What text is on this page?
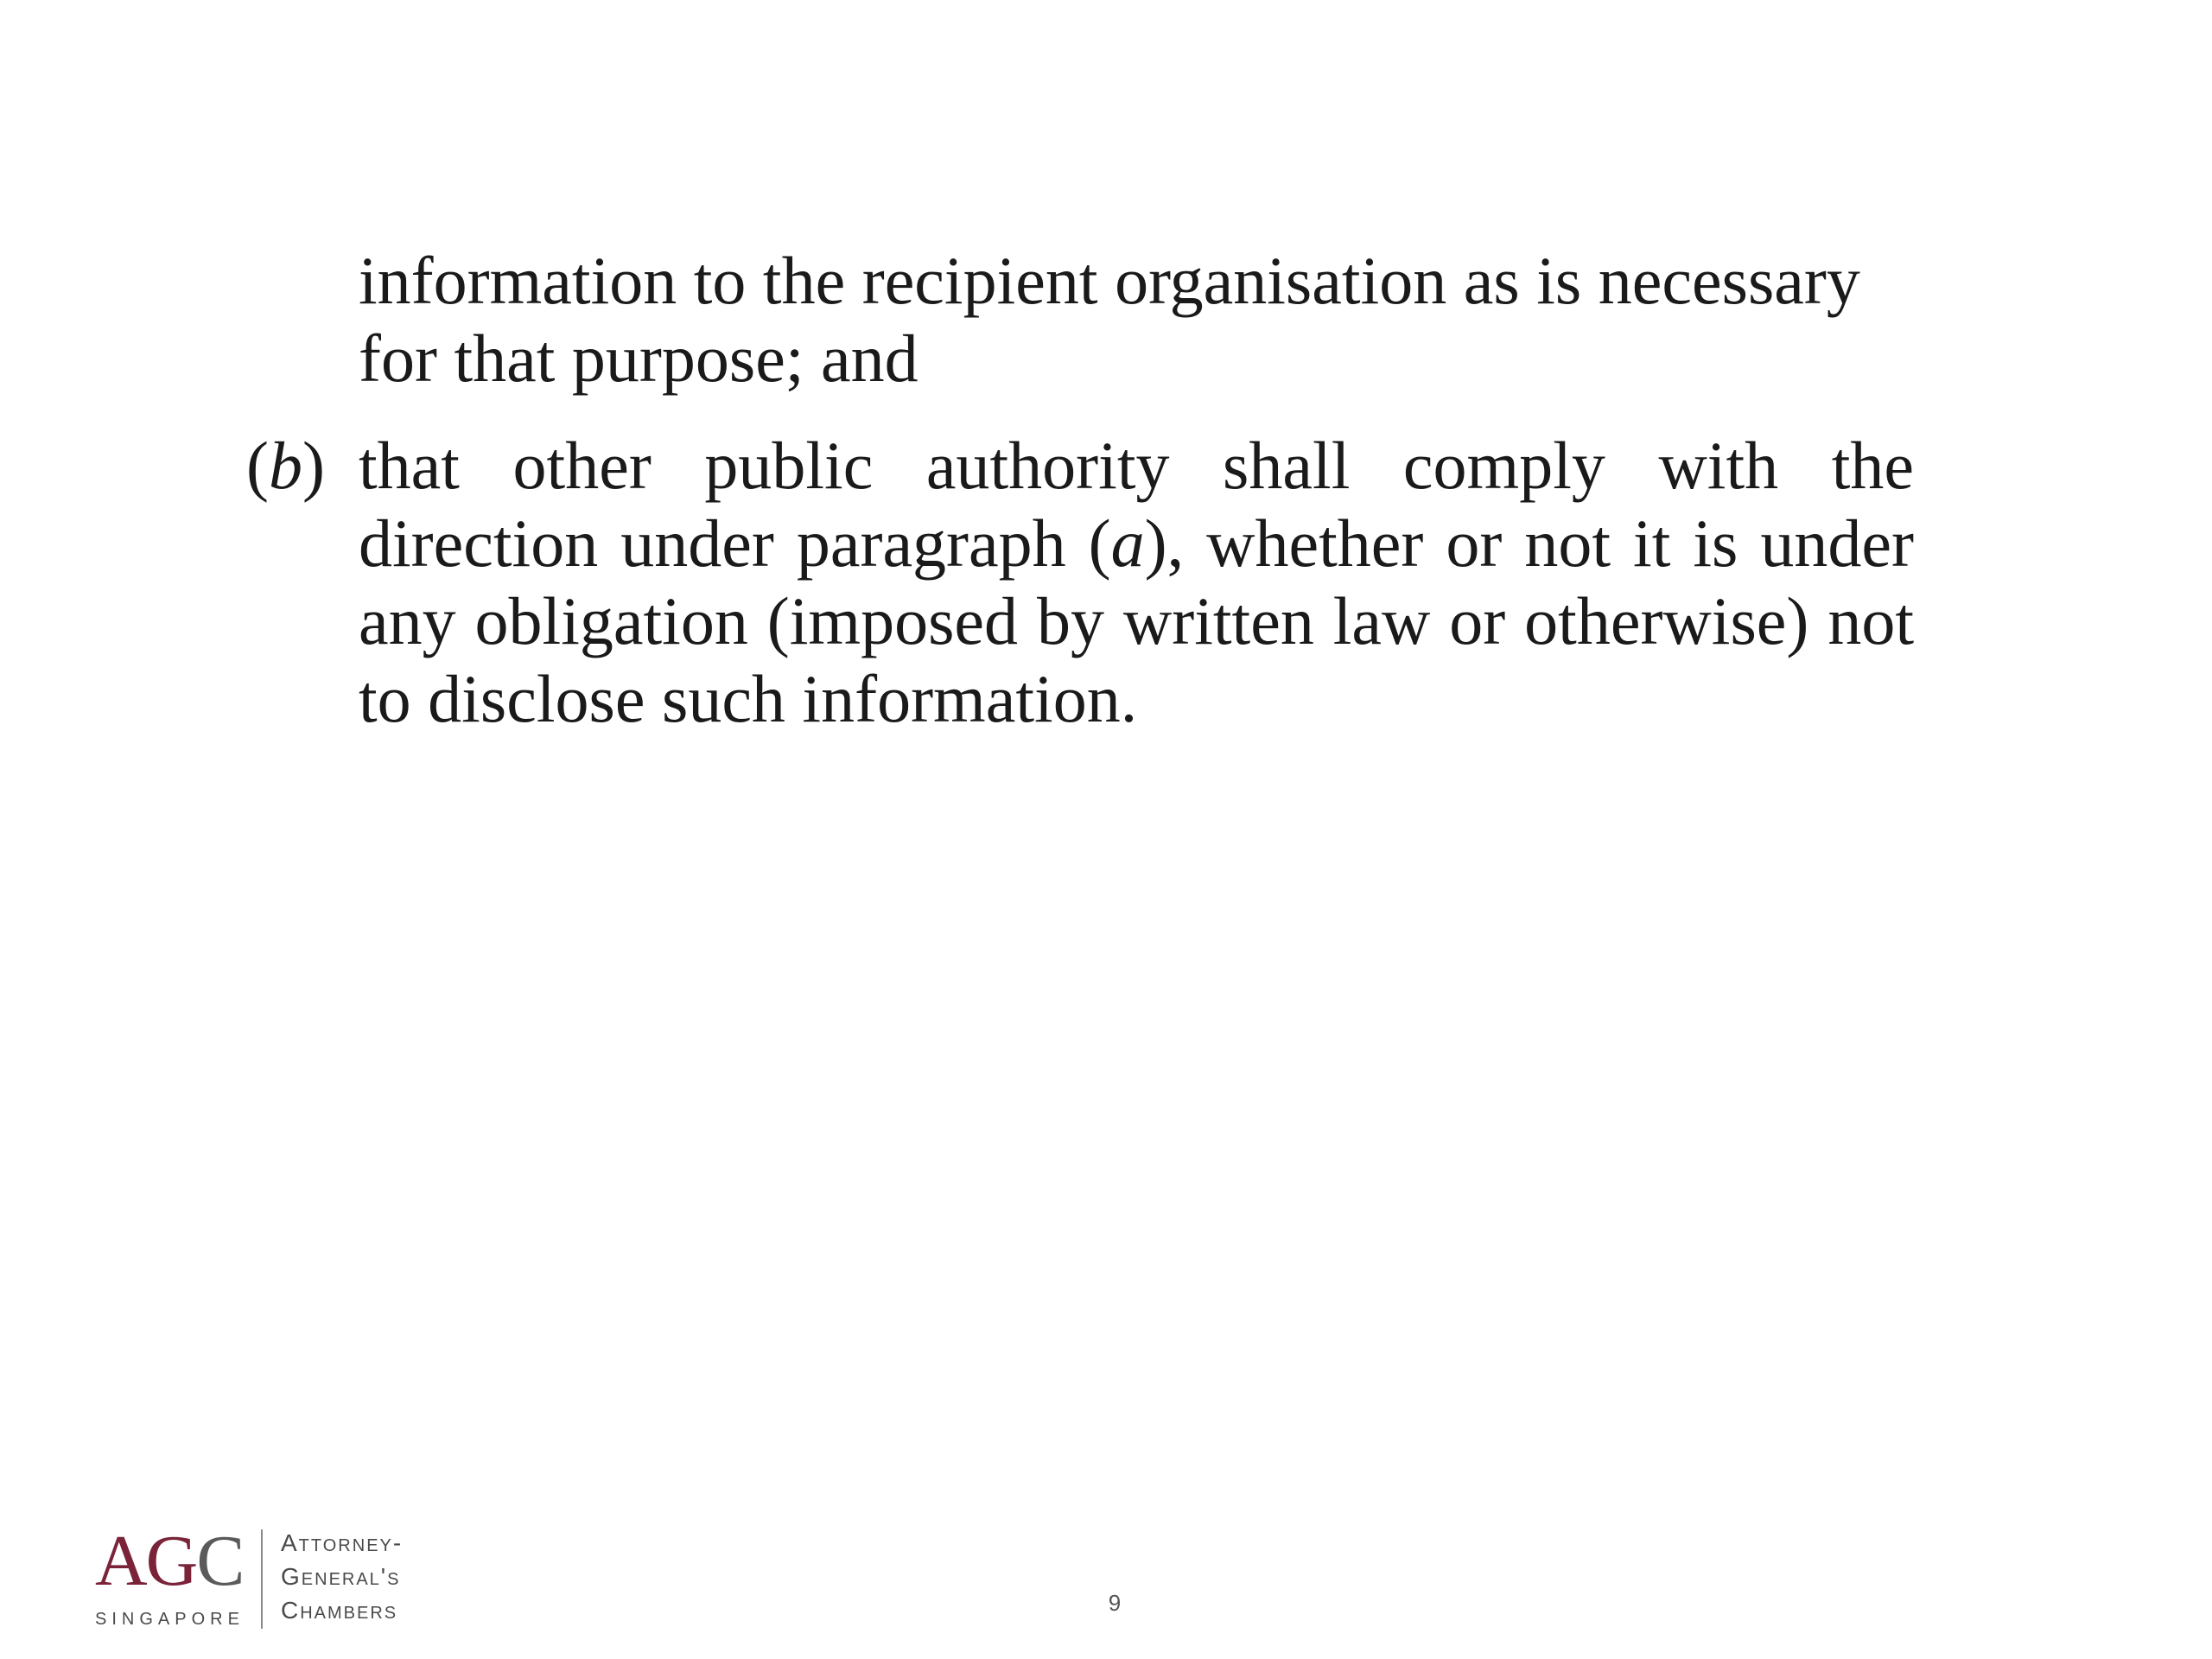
information to the recipient organisation as is necessary for that purpose; and
(b) that other public authority shall comply with the direction under paragraph (a), whether or not it is under any obligation (imposed by written law or otherwise) not to disclose such information.
AGC
SINGAPORE
Attorney-
General's
Chambers	9
